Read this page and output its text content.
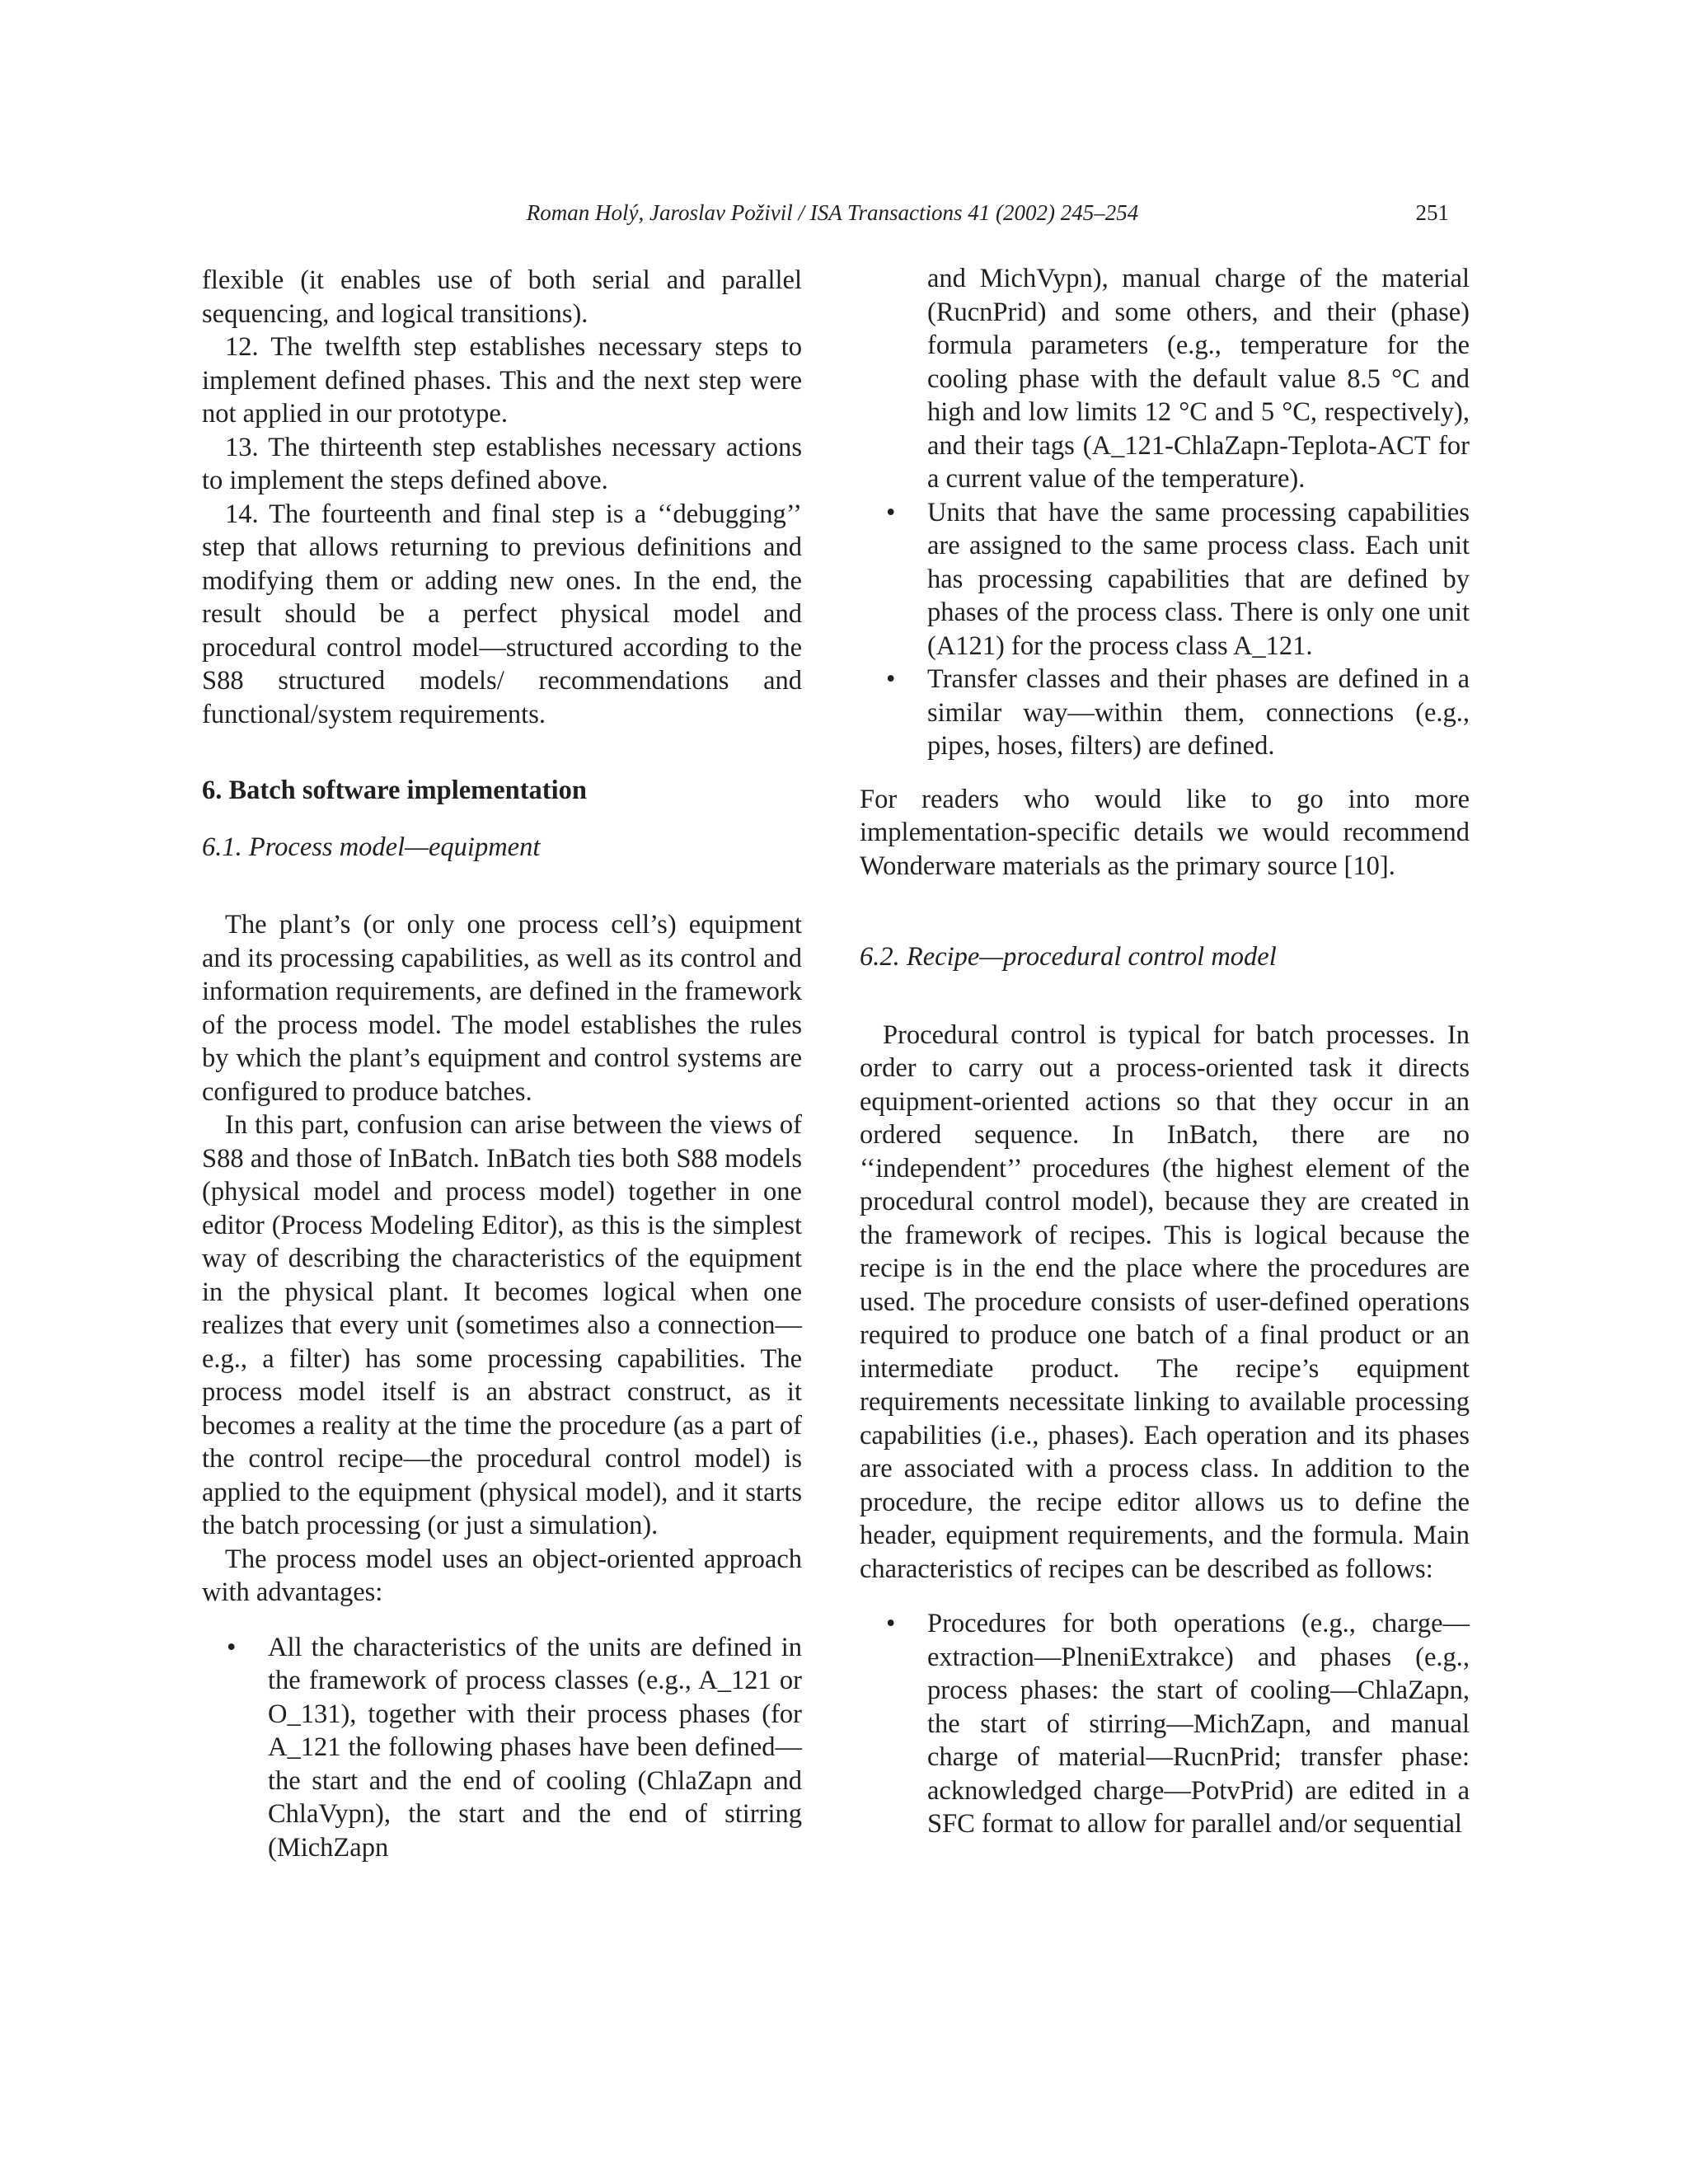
Roman Holý, Jaroslav Poživil / ISA Transactions 41 (2002) 245–254	251

flexible (it enables use of both serial and parallel sequencing, and logical transitions).

12. The twelfth step establishes necessary steps to implement defined phases. This and the next step were not applied in our prototype.

13. The thirteenth step establishes necessary actions to implement the steps defined above.

14. The fourteenth and final step is a ‘‘debugging’’ step that allows returning to previous definitions and modifying them or adding new ones. In the end, the result should be a perfect physical model and procedural control model—structured according to the S88 structured models/ recommendations and functional/system requirements.

6. Batch software implementation

6.1. Process model—equipment

The plant’s (or only one process cell’s) equipment and its processing capabilities, as well as its control and information requirements, are defined in the framework of the process model. The model establishes the rules by which the plant’s equipment and control systems are configured to produce batches.

In this part, confusion can arise between the views of S88 and those of InBatch. InBatch ties both S88 models (physical model and process model) together in one editor (Process Modeling Editor), as this is the simplest way of describing the characteristics of the equipment in the physical plant. It becomes logical when one realizes that every unit (sometimes also a connection—e.g., a filter) has some processing capabilities. The process model itself is an abstract construct, as it becomes a reality at the time the procedure (as a part of the control recipe—the procedural control model) is applied to the equipment (physical model), and it starts the batch processing (or just a simulation).

The process model uses an object-oriented approach with advantages:

• All the characteristics of the units are defined in the framework of process classes (e.g., A_121 or O_131), together with their process phases (for A_121 the following phases have been defined—the start and the end of cooling (ChlaZapn and ChlaVypn), the start and the end of stirring (MichZapn
and MichVypn), manual charge of the material (RucnPrid) and some others, and their (phase) formula parameters (e.g., temperature for the cooling phase with the default value 8.5 °C and high and low limits 12 °C and 5 °C, respectively), and their tags (A_121-ChlaZapn-Teplota-ACT for a current value of the temperature).
• Units that have the same processing capabilities are assigned to the same process class. Each unit has processing capabilities that are defined by phases of the process class. There is only one unit (A121) for the process class A_121.
• Transfer classes and their phases are defined in a similar way—within them, connections (e.g., pipes, hoses, filters) are defined.

For readers who would like to go into more implementation-specific details we would recommend Wonderware materials as the primary source [10].

6.2. Recipe—procedural control model

Procedural control is typical for batch processes. In order to carry out a process-oriented task it directs equipment-oriented actions so that they occur in an ordered sequence. In InBatch, there are no ‘‘independent’’ procedures (the highest element of the procedural control model), because they are created in the framework of recipes. This is logical because the recipe is in the end the place where the procedures are used. The procedure consists of user-defined operations required to produce one batch of a final product or an intermediate product. The recipe’s equipment requirements necessitate linking to available processing capabilities (i.e., phases). Each operation and its phases are associated with a process class. In addition to the procedure, the recipe editor allows us to define the header, equipment requirements, and the formula. Main characteristics of recipes can be described as follows:

• Procedures for both operations (e.g., charge—extraction—PlneniExtrakce) and phases (e.g., process phases: the start of cooling—ChlaZapn, the start of stirring—MichZapn, and manual charge of material—RucnPrid; transfer phase: acknowledged charge—PotvPrid) are edited in a SFC format to allow for parallel and/or sequential
